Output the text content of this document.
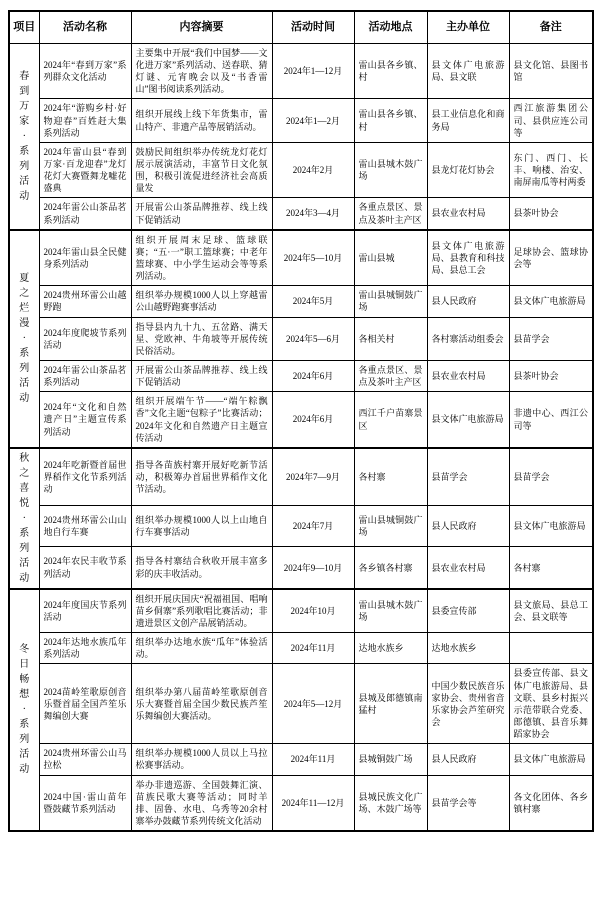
项目	活动名称	内容摘要	活动时间	活动地点	主办单位	备注
春到万家·系列活动	2024年“春到万家”系列群众文化活动	主要集中开展“我们中国梦——文化进万家”系列活动、送春联、猜灯谜、元宵晚会以及“书香雷山”图书阅读系列活动。	2024年1—12月	雷山县各乡镇、村	县文体广电旅游局、县文联	县文化馆、县图书馆
	2024年“游购乡村·好物迎春”百姓赶大集系列活动	组织开展线上线下年货集市，雷山特产、非遗产品等展销活动。	2024年1—2月	雷山县各乡镇、村	县工业信息化和商务局	西江旅游集团公司、县供应连公司等
	2024年雷山县“春到万家·百龙迎春”龙灯花灯大赛暨舞龙嘘花盛典	鼓励民间组织举办传统龙灯花灯展示展演活动，丰富节日文化氛围，积极引流促进经济社会高质量发	2024年2月	雷山县城木鼓广场	县龙灯花灯协会	东门、西门、长丰、响楼、治安、南屏南瓜等村两委
	2024年雷公山茶品茗系列活动	开展雷公山茶品牌推荐、线上线下促销活动	2024年3—4月	各重点景区、景点及茶叶主产区	县农业农村局	县茶叶协会
夏之烂漫·系列活动	2024年雷山县全民健身系列活动	组织开展周末足球、篮球联赛；“五·一”职工篮球赛；中老年篮球赛、中小学生运动会等等系列活动。	2024年5—10月	雷山县城	县文体广电旅游局、县教育和科技局、县总工会	足球协会、篮球协会等
	2024贵州环雷公山越野跑	组织举办规模1000人以上穿越雷公山越野跑赛事活动	2024年5月	雷山县城铜鼓广场	县人民政府	县文体广电旅游局
	2024年度爬坡节系列活动	指导县内九十九、五岔路、满天星、党欧神、牛角坡等开展传统民俗活动。	2024年5—6月	各相关村	各村寨活动组委会	县苗学会
	2024年雷公山茶品茗系列活动	开展雷公山茶品牌推荐、线上线下促销活动	2024年6月	各重点景区、景点及茶叶主产区	县农业农村局	县茶叶协会
	2024年“文化和自然遗产日”主题宣传系列活动	组织开展端午节——“端午粽飘香”文化主题“包粽子”比赛活动；2024年文化和自然遗产日主题宣传活动	2024年6月	西江千户苗寨景区	县文体广电旅游局	非遗中心、西江公司等
秋之喜悦·系列活动	2024年吃新暨首届世界稻作文化节系列活动	指导各苗族村寨开展好吃新节活动，积极筹办首届世界稻作文化节活动。	2024年7—9月	各村寨	县苗学会	县苗学会
	2024贵州环雷公山山地自行车赛	组织举办规模1000人以上山地自行车赛事活动	2024年7月	雷山县城铜鼓广场	县人民政府	县文体广电旅游局
	2024年农民丰收节系列活动	指导各村寨结合秋收开展丰富多彩的庆丰收活动。	2024年9—10月	各乡镇各村寨	县农业农村局	各村寨
冬日畅想·系列活动	2024年度国庆节系列活动	组织开展庆国庆“祝福祖国、唱响苗乡侗寨”系列歌唱比赛活动；非遗进景区文创产品展销活动。	2024年10月	雷山县城木鼓广场	县委宣传部	县文旅局、县总工会、县文联等
	2024年达地水族瓜年系列活动	组织举办达地水族“瓜年”体验活动。	2024年11月	达地水族乡	达地水族乡	
	2024苗岭笙歌原创音乐暨首届全国芦笙乐舞编创大赛	组织举办第八届苗岭笙歌原创音乐大赛暨首届全国少数民族芦笙乐舞编创大赛活动。	2024年5—12月	县城及郎德镇南猛村	中国少数民族音乐家协会、贵州省音乐家协会芦笙研究会	县委宣传部、县文体广电旅游局、县文联、县乡村振兴示范带联合党委、郎德镇、县音乐舞蹈家协会
	2024贵州环雷公山马拉松	组织举办规模1000人员以上马拉松赛事活动。	2024年11月	县城铜鼓广场	县人民政府	县文体广电旅游局
	2024中国·雷山苗年暨鼓藏节系列活动	举办非遗巡游、全国鼓舞汇演、苗族民歌大赛等活动；同时羊排、固鲁、水电、乌秀等20余村寨举办鼓藏节系列传统文化活动	2024年11—12月	县城民族文化广场、木鼓广场等	县苗学会等	各文化团体、各乡镇村寨
